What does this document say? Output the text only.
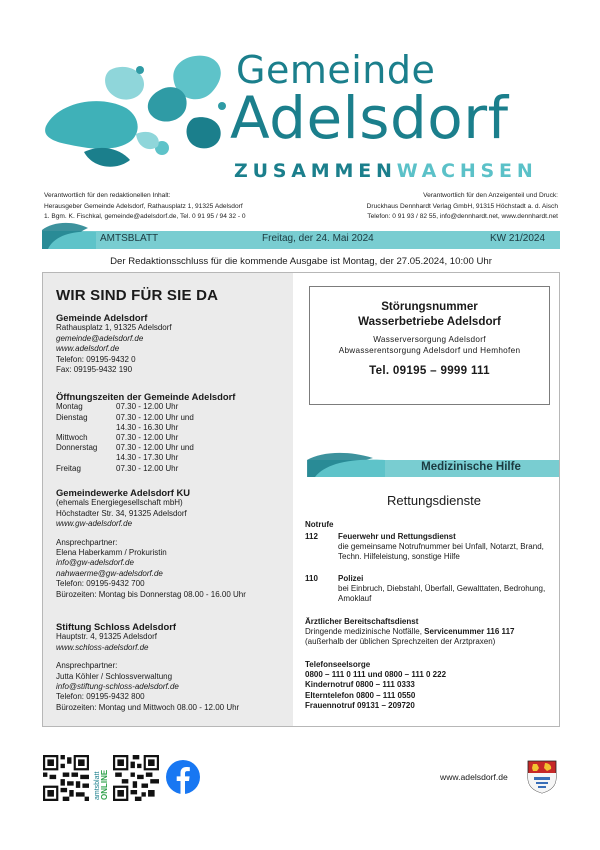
Gemeinde
Adelsdorf
ZUSAMMENWACHSEN
Verantwortlich für den redaktionellen Inhalt:
Herausgeber Gemeinde Adelsdorf, Rathausplatz 1, 91325 Adelsdorf
1. Bgm. K. Fischkal, gemeinde@adelsdorf.de, Tel. 0 91 95 / 94 32 - 0
Verantwortlich für den Anzeigenteil und Druck:
Druckhaus Dennhardt Verlag GmbH, 91315 Höchstadt a. d. Aisch
Telefon: 0 91 93 / 82 55, info@dennhardt.net, www.dennhardt.net
AMTSBLATT	Freitag, der 24. Mai 2024	KW 21/2024
Der Redaktionsschluss für die kommende Ausgabe ist Montag, der 27.05.2024, 10:00 Uhr
WIR SIND FÜR SIE DA
Gemeinde Adelsdorf
Rathausplatz 1, 91325 Adelsdorf
gemeinde@adelsdorf.de
www.adelsdorf.de
Telefon: 09195-9432 0
Fax: 09195-9432 190
Öffnungszeiten der Gemeinde Adelsdorf
Montag	07.30 - 12.00 Uhr
Dienstag	07.30 - 12.00 Uhr und
	14.30 - 16.30 Uhr
Mittwoch	07.30 - 12.00 Uhr
Donnerstag	07.30 - 12.00 Uhr und
	14.30 - 17.30 Uhr
Freitag	07.30 - 12.00 Uhr
Gemeindewerke Adelsdorf KU
(ehemals Energiegesellschaft mbH)
Höchstadter Str. 34, 91325 Adelsdorf
www.gw-adelsdorf.de
Ansprechpartner:
Elena Haberkamm / Prokuristin
info@gw-adelsdorf.de
nahwaerme@gw-adelsdorf.de
Telefon: 09195-9432 700
Bürozeiten: Montag bis Donnerstag 08.00 - 16.00 Uhr
Stiftung Schloss Adelsdorf
Hauptstr. 4, 91325 Adelsdorf
www.schloss-adelsdorf.de
Ansprechpartner:
Jutta Köhler / Schlossverwaltung
info@stiftung-schloss-adelsdorf.de
Telefon: 09195-9432 800
Bürozeiten: Montag und Mittwoch 08.00 - 12.00 Uhr
Störungsnummer
Wasserbetriebe Adelsdorf
Wasserversorgung Adelsdorf
Abwasserentsorgung Adelsdorf und Hemhofen
Tel. 09195 – 9999 111
Medizinische Hilfe
Rettungsdienste
Notrufe
112	Feuerwehr und Rettungsdienst
die gemeinsame Notrufnummer bei Unfall, Notarzt, Brand,
Techn. Hilfeleistung, sonstige Hilfe
110	Polizei
bei Einbruch, Diebstahl, Überfall, Gewalttaten, Bedrohung,
Amoklauf
Ärztlicher Bereitschaftsdienst
Dringende medizinische Notfälle, Servicenummer 116 117
(außerhalb der üblichen Sprechzeiten der Arztpraxen)
Telefonseelsorge
0800 – 111 0 111 und 0800 – 111 0 222
Kindernotruf 0800 – 111 0333
Elterntelefon 0800 – 111 0550
Frauennotruf 09131 – 209720
amtsblatt ONLINE	www.adelsdorf.de
